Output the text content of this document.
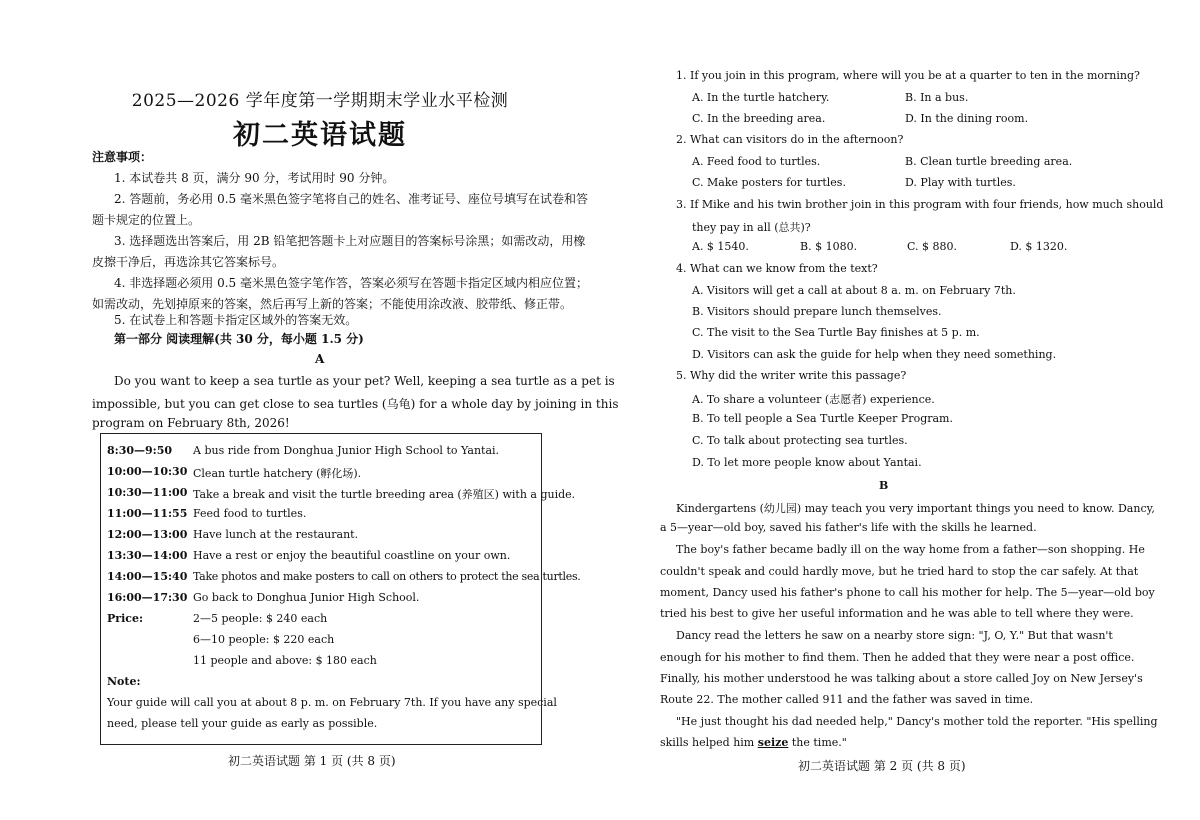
2025—2026 学年度第一学期期末学业水平检测
初二英语试题
注意事项：
1. 本试卷共 8 页，满分 90 分，考试用时 90 分钟。
2. 答题前，务必用 0.5 毫米黑色签字笔将自己的姓名、准考证号、座位号填写在试卷和答
题卡规定的位置上。
3. 选择题选出答案后，用 2B 铅笔把答题卡上对应题目的答案标号涂黑；如需改动，用橡
皮擦干净后，再选涂其它答案标号。
4. 非选择题必须用 0.5 毫米黑色签字笔作答，答案必须写在答题卡指定区域内相应位置；
如需改动，先划掉原来的答案，然后再写上新的答案；不能使用涂改液、胶带纸、修正带。
5. 在试卷上和答题卡指定区域外的答案无效。
第一部分 阅读理解(共 30 分，每小题 1.5 分)
A
Do you want to keep a sea turtle as your pet? Well, keeping a sea turtle as a pet is
impossible, but you can get close to sea turtles (乌龟) for a whole day by joining in this
program on February 8th, 2026!
8:30—9:50 A bus ride from Donghua Junior High School to Yantai.
10:00—10:30 Clean turtle hatchery (孵化场).
10:30—11:00 Take a break and visit the turtle breeding area (养殖区) with a guide.
11:00—11:55 Feed food to turtles.
12:00—13:00 Have lunch at the restaurant.
13:30—14:00 Have a rest or enjoy the beautiful coastline on your own.
14:00—15:40 Take photos and make posters to call on others to protect the sea turtles.
16:00—17:30 Go back to Donghua Junior High School.
Price:	2—5 people: $ 240 each
6—10 people: $ 220 each
11 people and above: $ 180 each
Note:
Your guide will call you at about 8 p. m. on February 7th. If you have any special
need, please tell your guide as early as possible.
初二英语试题 第 1 页 (共 8 页)
1. If you join in this program, where will you be at a quarter to ten in the morning?
A. In the turtle hatchery.	B. In a bus.
C. In the breeding area.	D. In the dining room.
2. What can visitors do in the afternoon?
A. Feed food to turtles.	B. Clean turtle breeding area.
C. Make posters for turtles.	D. Play with turtles.
3. If Mike and his twin brother join in this program with four friends, how much should
they pay in all (总共)?
A. $ 1540.	B. $ 1080.	C. $ 880.	D. $ 1320.
4. What can we know from the text?
A. Visitors will get a call at about 8 a. m. on February 7th.
B. Visitors should prepare lunch themselves.
C. The visit to the Sea Turtle Bay finishes at 5 p. m.
D. Visitors can ask the guide for help when they need something.
5. Why did the writer write this passage?
A. To share a volunteer (志愿者) experience.
B. To tell people a Sea Turtle Keeper Program.
C. To talk about protecting sea turtles.
D. To let more people know about Yantai.
B
Kindergartens (幼儿园) may teach you very important things you need to know. Dancy,
a 5—year—old boy, saved his father's life with the skills he learned.
The boy's father became badly ill on the way home from a father—son shopping. He
couldn't speak and could hardly move, but he tried hard to stop the car safely. At that
moment, Dancy used his father's phone to call his mother for help. The 5—year—old boy
tried his best to give her useful information and he was able to tell where they were.
Dancy read the letters he saw on a nearby store sign: "J, O, Y." But that wasn't
enough for his mother to find them. Then he added that they were near a post office.
Finally, his mother understood he was talking about a store called Joy on New Jersey's
Route 22. The mother called 911 and the father was saved in time.
"He just thought his dad needed help," Dancy's mother told the reporter. "His spelling
skills helped him seize the time."
初二英语试题 第 2 页 (共 8 页)
